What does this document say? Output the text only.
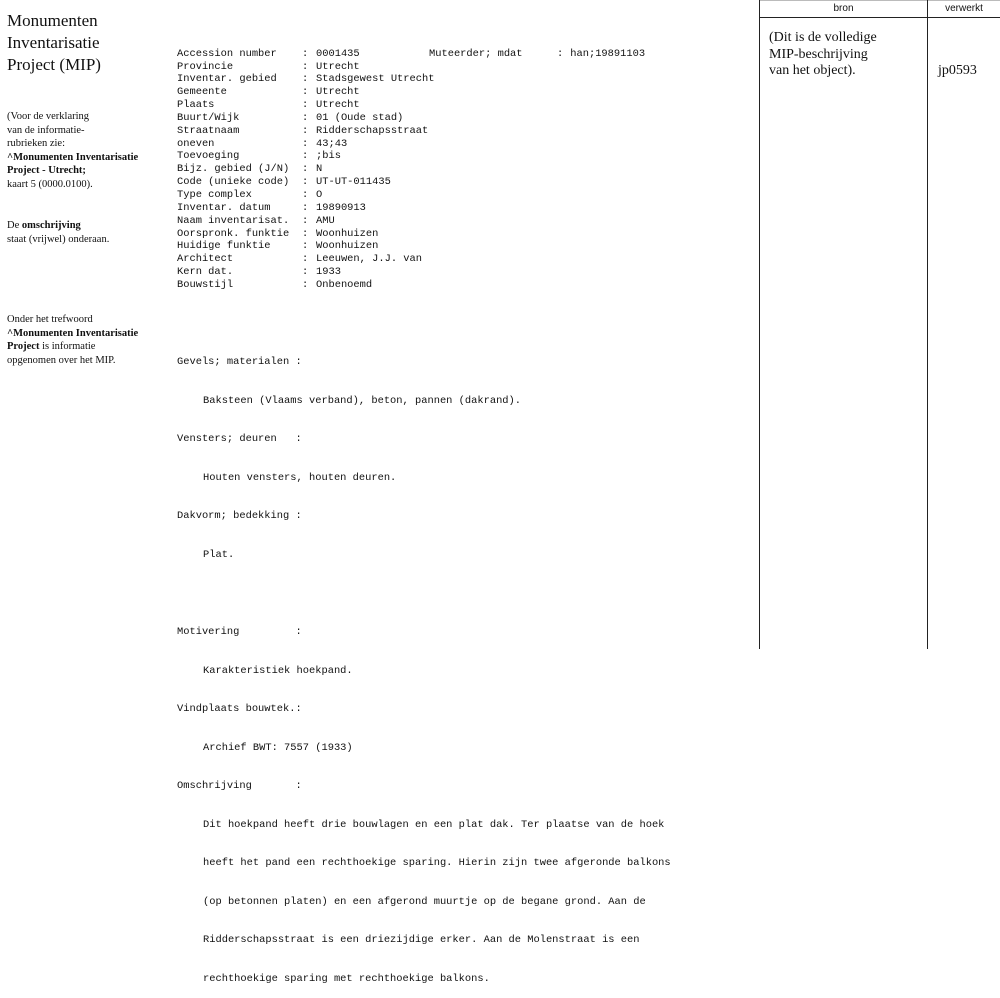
Monumenten
Inventarisatie
Project (MIP)
(Voor de verklaring
van de informatie-
rubrieken zie:
^Monumenten Inventarisatie
Project - Utrecht;
kaart 5 (0000.0100).
De omschrijving
staat (vrijwel) onderaan.
Onder het trefwoord
^Monumenten Inventarisatie
Project is informatie
opgenomen over het MIP.

Accession number	: 0001435
Provincie	: Utrecht
Inventar. gebied	: Stadsgewest Utrecht
Gemeente	: Utrecht
Plaats	: Utrecht
Buurt/Wijk	: 01 (Oude stad)
Straatnaam	: Ridderschapsstraat
oneven	: 43;43
Toevoeging	: ;bis
Bijz. gebied (J/N)	: N
Code (unieke code)	: UT-UT-011435
Type complex	: O
Inventar. datum	: 19890913
Naam inventarisat.	: AMU
Oorspronk. funktie	: Woonhuizen
Huidige funktie	: Woonhuizen
Architect	: Leeuwen, J.J. van
Kern dat.	: 1933
Bouwstijl	: Onbenoemd
Muteerder; mdat	: han;19891103

Gevels; materialen :

Baksteen (Vlaams verband), beton, pannen (dakrand).

Vensters; deuren   :

Houten vensters, houten deuren.

Dakvorm; bedekking :

Plat.

Motivering         :

Karakteristiek hoekpand.

Vindplaats bouwtek.:

Archief BWT: 7557 (1933)

Omschrijving       :

Dit hoekpand heeft drie bouwlagen en een plat dak. Ter plaatse van de hoek

heeft het pand een rechthoekige sparing. Hierin zijn twee afgeronde balkons

(op betonnen platen) en een afgerond muurtje op de begane grond. Aan de

Ridderschapsstraat is een driezijdige erker. Aan de Molenstraat is een

rechthoekige sparing met rechthoekige balkons.

bron	verwerkt
(Dit is de volledige
MIP-beschrijving
van het object).	jp0593
